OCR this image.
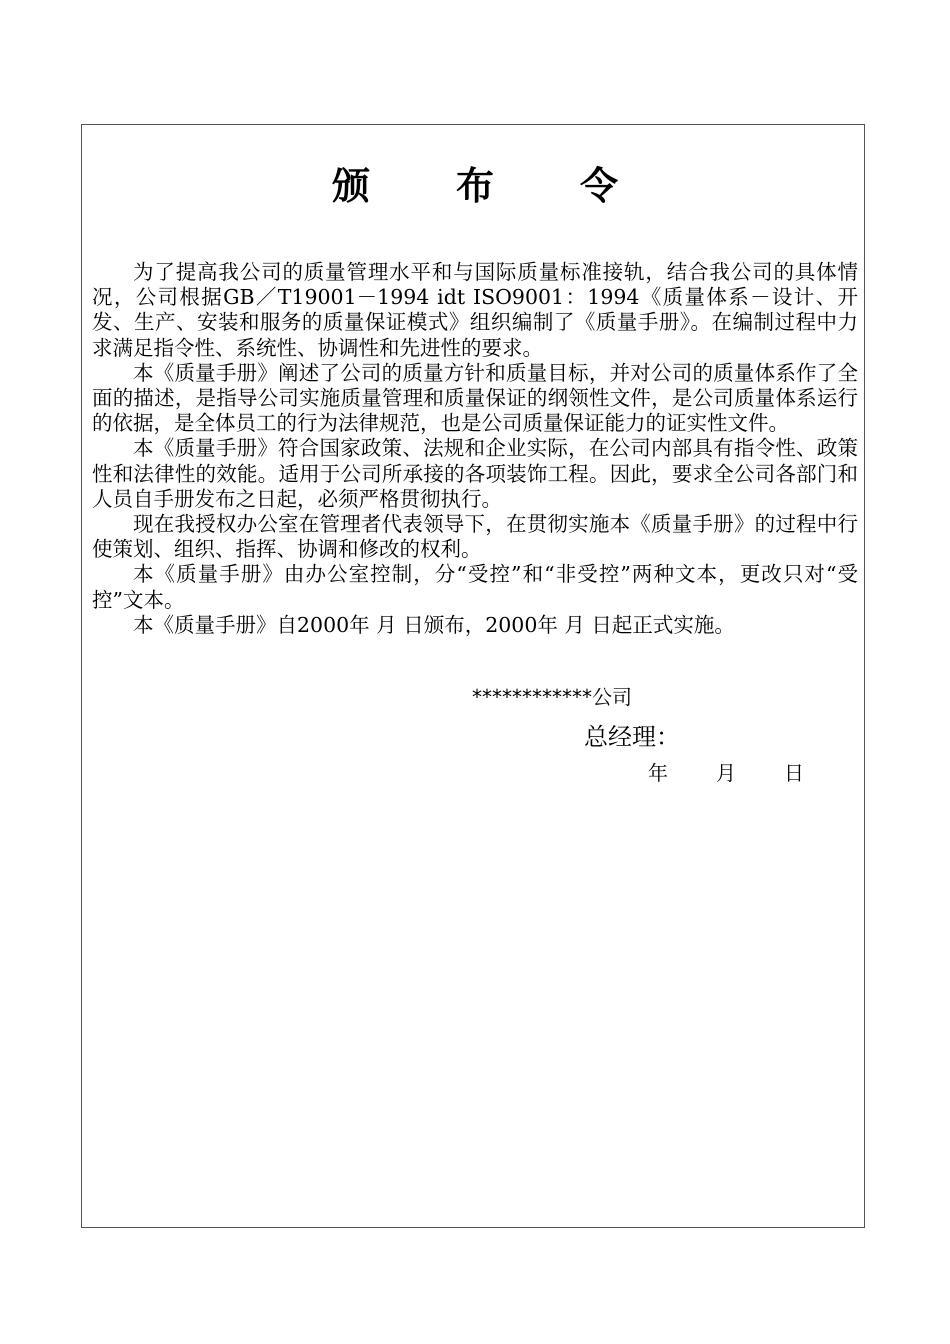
颁布令

为了提高我公司的质量管理水平和与国际质量标准接轨，结合我公司的具体情况，公司根据GB／T19001－1994 idt ISO9001：1994《质量体系－设计、开发、生产、安装和服务的质量保证模式》组织编制了《质量手册》。在编制过程中力求满足指令性、系统性、协调性和先进性的要求。

本《质量手册》阐述了公司的质量方针和质量目标，并对公司的质量体系作了全面的描述，是指导公司实施质量管理和质量保证的纲领性文件，是公司质量体系运行的依据，是全体员工的行为法律规范，也是公司质量保证能力的证实性文件。

本《质量手册》符合国家政策、法规和企业实际，在公司内部具有指令性、政策性和法律性的效能。适用于公司所承接的各项装饰工程。因此，要求全公司各部门和人员自手册发布之日起，必须严格贯彻执行。

现在我授权办公室在管理者代表领导下，在贯彻实施本《质量手册》的过程中行使策划、组织、指挥、协调和修改的权利。

本《质量手册》由办公室控制，分“受控”和“非受控”两种文本，更改只对“受控”文本。

本《质量手册》自2000年 月 日颁布，2000年 月 日起正式实施。

************公司
总经理：
年 月 日
